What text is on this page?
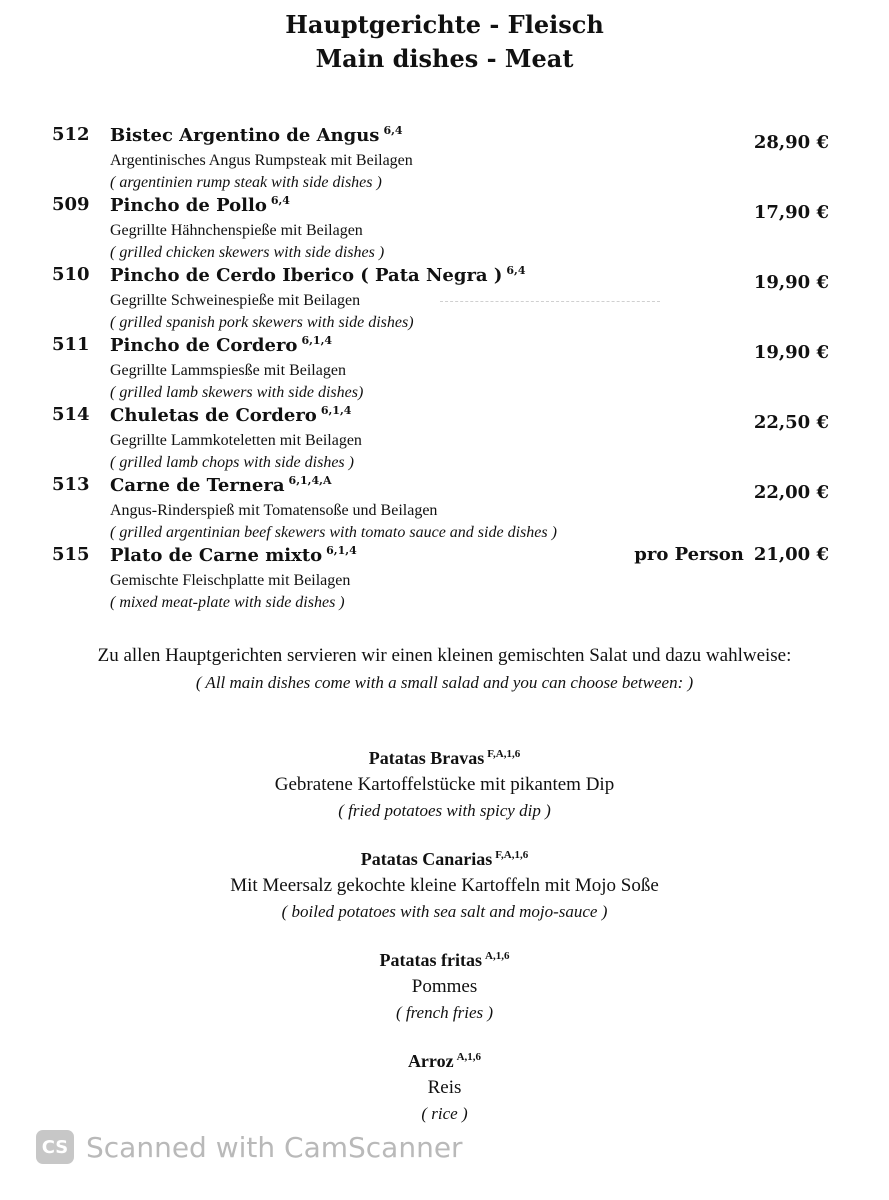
Hauptgerichte - Fleisch
Main dishes - Meat
512 Bistec Argentino de Angus $^{6,4}$
Argentinisches Angus Rumpsteak mit Beilagen
( argentinien rump steak with side dishes )
28,90 €
509 Pincho de Pollo $^{6,4}$
Gegrillte Hähnchenspieße mit Beilagen
( grilled chicken skewers with side dishes )
17,90 €
510 Pincho de Cerdo Iberico ( Pata Negra ) $^{6,4}$
Gegrillte Schweinespieße mit Beilagen
( grilled spanish pork skewers with side dishes)
19,90 €
511 Pincho de Cordero $^{6,1,4}$
Gegrillte Lammspiesße mit Beilagen
( grilled lamb skewers with side dishes)
19,90 €
514 Chuletas de Cordero $^{6,1,4}$
Gegrillte Lammkoteletten mit Beilagen
( grilled lamb chops with side dishes )
22,50 €
513 Carne de Ternera $^{6,1,4,A}$
Angus-Rinderspieß mit Tomatensoße und Beilagen
( grilled argentinian beef skewers with tomato sauce and side dishes )
22,00 €
515 Plato de Carne mixto $^{6,1,4}$
Gemischte Fleischplatte mit Beilagen
( mixed meat-plate with side dishes )
pro Person 21,00 €
Zu allen Hauptgerichten servieren wir einen kleinen gemischten Salat und dazu wahlweise:
( All main dishes come with a small salad and you can choose between: )
Patatas Bravas $^{F,A,1,6}$
Gebratene Kartoffelstücke mit pikantem Dip
( fried potatoes with spicy dip )
Patatas Canarias $^{F,A,1,6}$
Mit Meersalz gekochte kleine Kartoffeln mit Mojo Soße
( boiled potatoes with sea salt and mojo-sauce )
Patatas fritas $^{A,1,6}$
Pommes
( french fries )
Arroz $^{A,1,6}$
Reis
( rice )
CS Scanned with CamScanner
